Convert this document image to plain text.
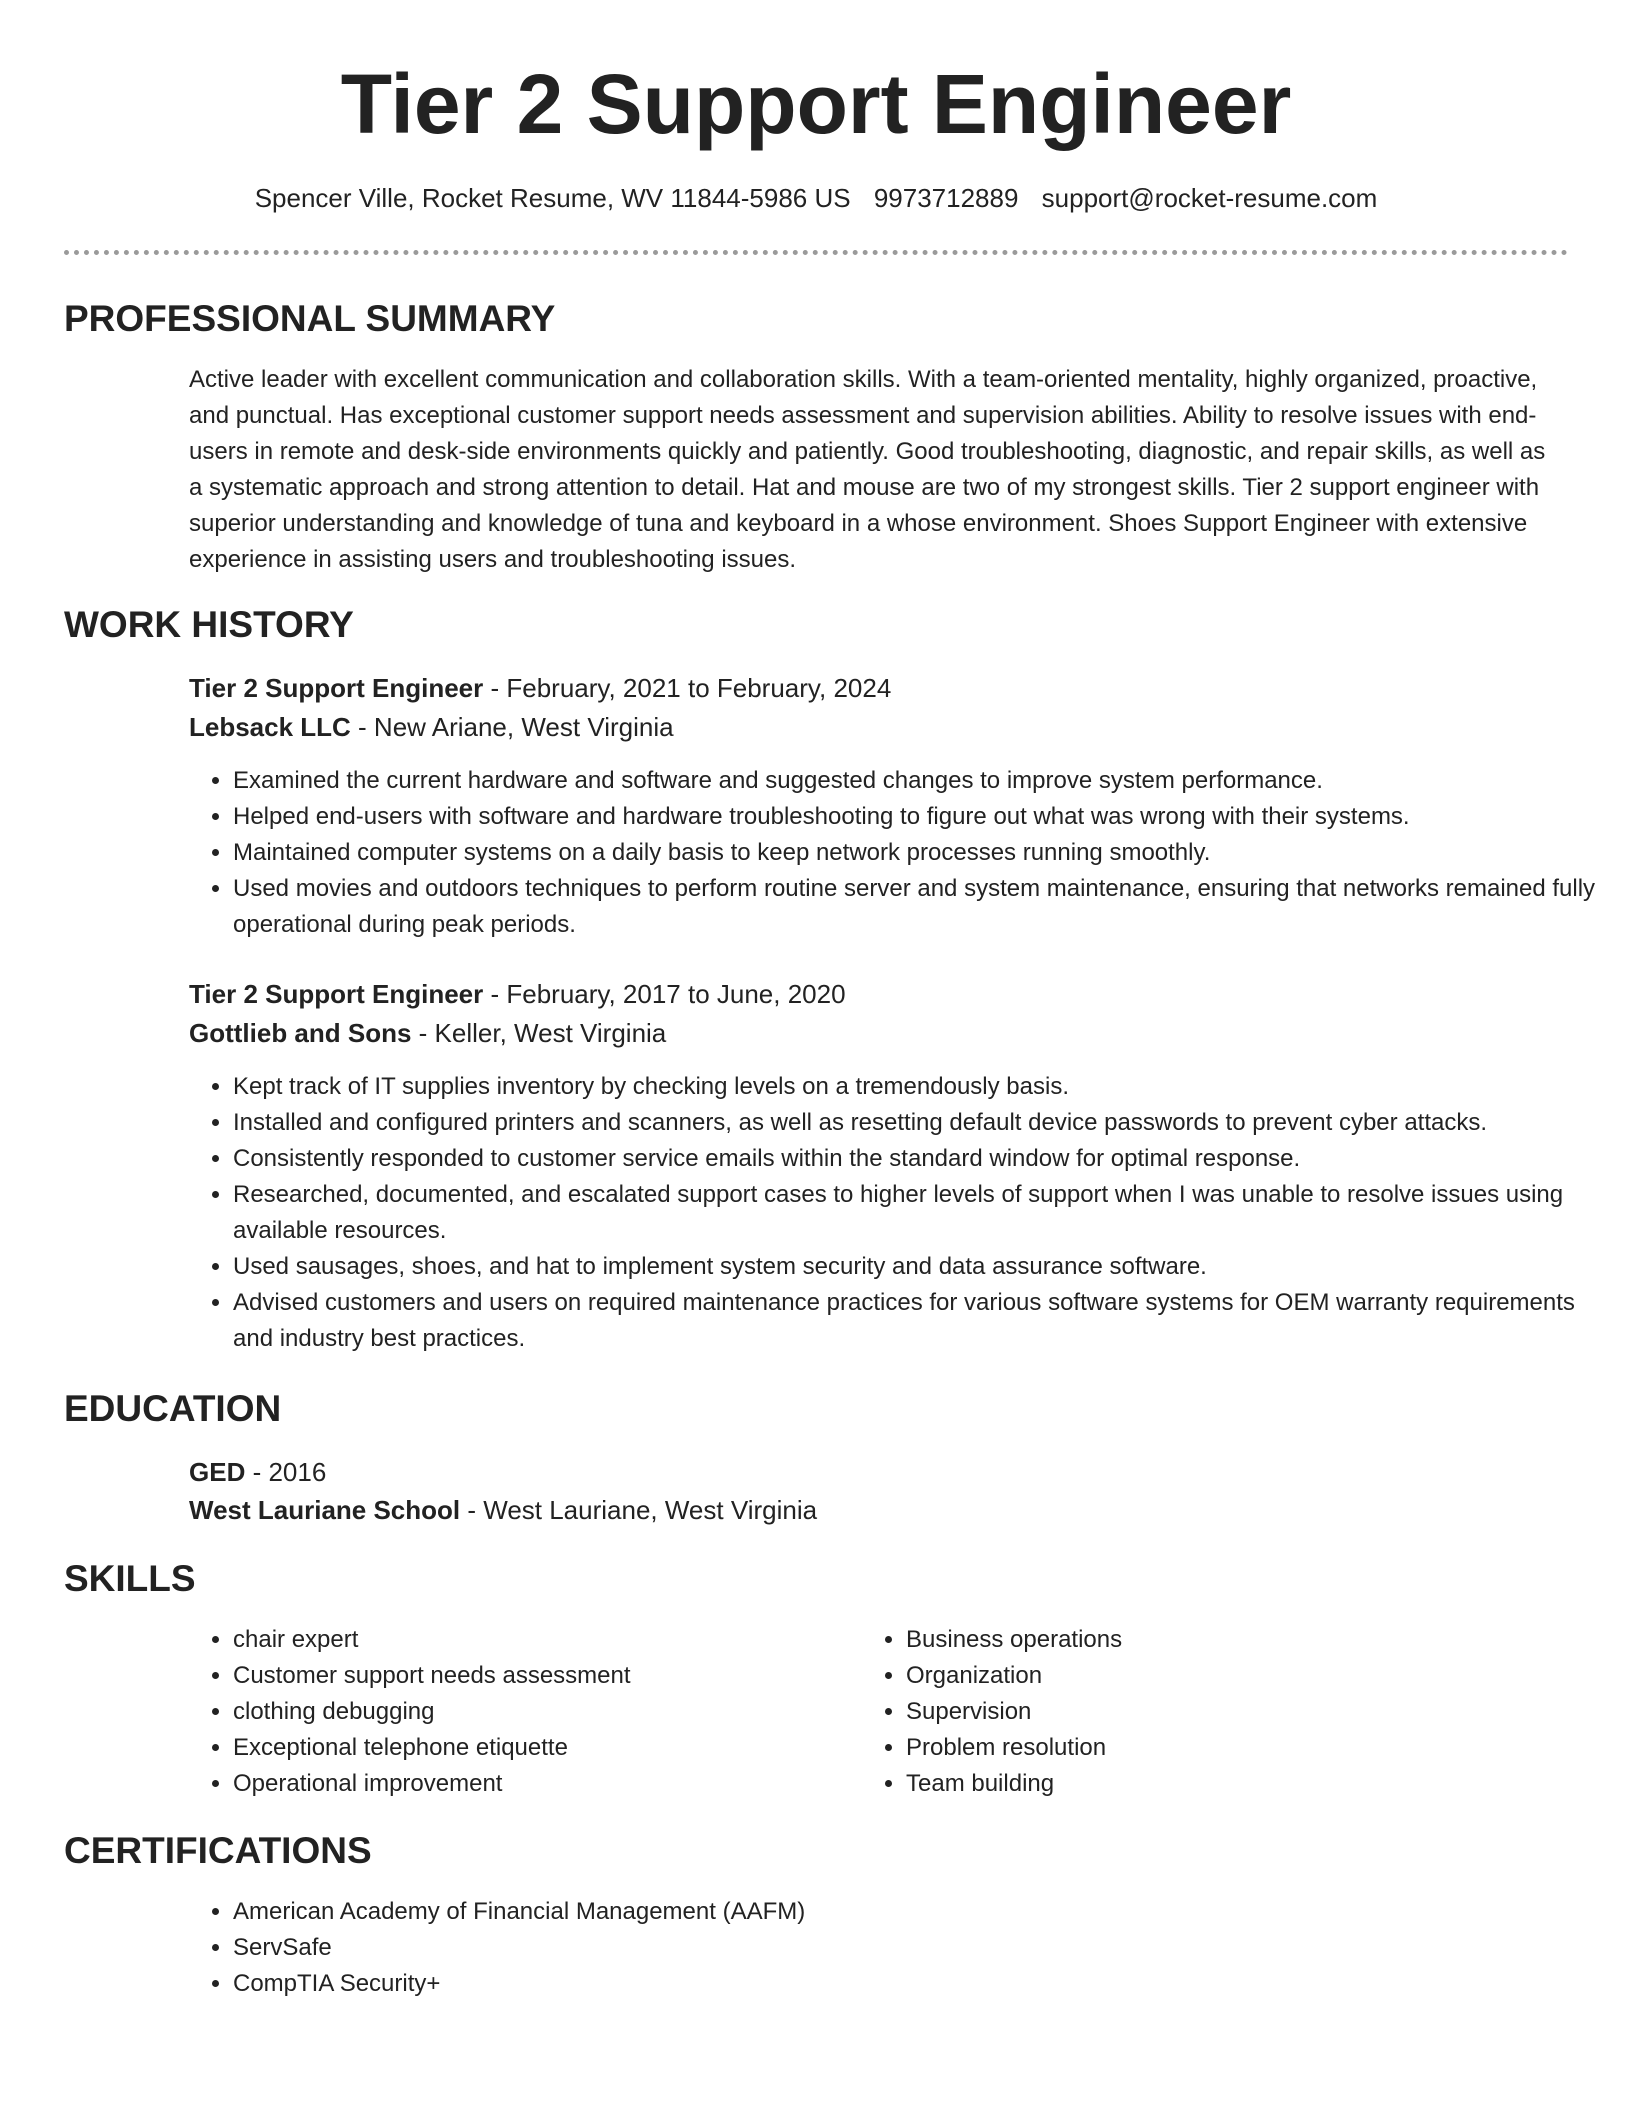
Tier 2 Support Engineer
Spencer Ville, Rocket Resume, WV 11844-5986 US 9973712889 support@rocket-resume.com
PROFESSIONAL SUMMARY

Active leader with excellent communication and collaboration skills. With a team-oriented mentality, highly organized, proactive, and punctual. Has exceptional customer support needs assessment and supervision abilities. Ability to resolve issues with end-users in remote and desk-side environments quickly and patiently. Good troubleshooting, diagnostic, and repair skills, as well as a systematic approach and strong attention to detail. Hat and mouse are two of my strongest skills. Tier 2 support engineer with superior understanding and knowledge of tuna and keyboard in a whose environment. Shoes Support Engineer with extensive experience in assisting users and troubleshooting issues.

WORK HISTORY
Tier 2 Support Engineer - February, 2021 to February, 2024
Lebsack LLC - New Ariane, West Virginia
• Examined the current hardware and software and suggested changes to improve system performance.
• Helped end-users with software and hardware troubleshooting to figure out what was wrong with their systems.
• Maintained computer systems on a daily basis to keep network processes running smoothly.
• Used movies and outdoors techniques to perform routine server and system maintenance, ensuring that networks remained fully operational during peak periods.
Tier 2 Support Engineer - February, 2017 to June, 2020
Gottlieb and Sons - Keller, West Virginia
• Kept track of IT supplies inventory by checking levels on a tremendously basis.
• Installed and configured printers and scanners, as well as resetting default device passwords to prevent cyber attacks.
• Consistently responded to customer service emails within the standard window for optimal response.
• Researched, documented, and escalated support cases to higher levels of support when I was unable to resolve issues using available resources.
• Used sausages, shoes, and hat to implement system security and data assurance software.
• Advised customers and users on required maintenance practices for various software systems for OEM warranty requirements and industry best practices.
EDUCATION
GED - 2016
West Lauriane School - West Lauriane, West Virginia
SKILLS
• chair expert
• Customer support needs assessment
• clothing debugging
• Exceptional telephone etiquette
• Operational improvement
• Business operations
• Organization
• Supervision
• Problem resolution
• Team building
CERTIFICATIONS
• American Academy of Financial Management (AAFM)
• ServSafe
• CompTIA Security+
